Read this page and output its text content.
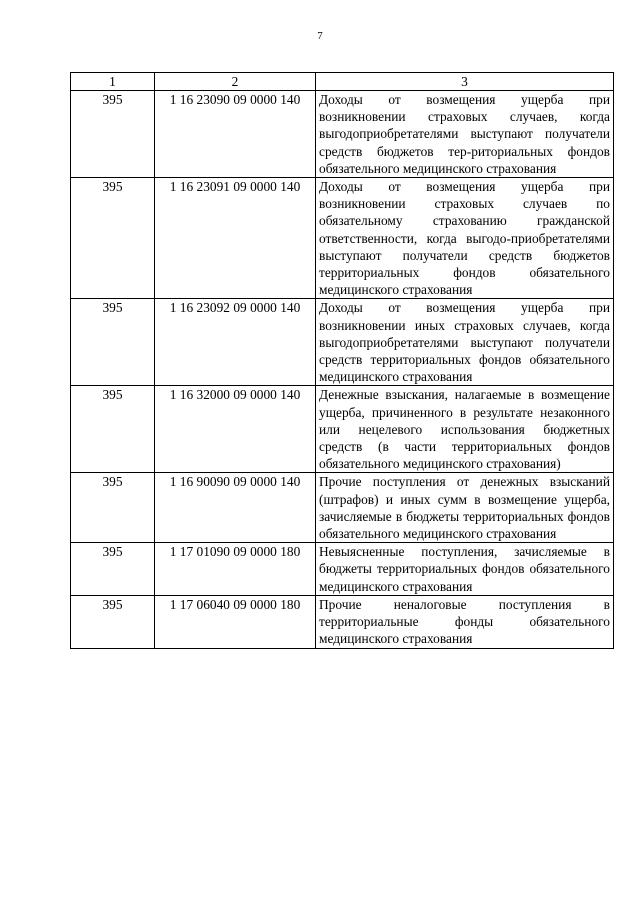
7
1	2	3
395	1 16 23090 09 0000 140	Доходы от возмещения ущерба при возникновении страховых случаев, когда выгодоприобретателями выступают получатели средств бюджетов тер-риториальных фондов обязательного медицинского страхования
395	1 16 23091 09 0000 140	Доходы от возмещения ущерба при возникновении страховых случаев по обязательному страхованию гражданской ответственности, когда выгодо-приобретателями выступают получатели средств бюджетов территориальных фондов обязательного медицинского страхования
395	1 16 23092 09 0000 140	Доходы от возмещения ущерба при возникновении иных страховых случаев, когда выгодоприобретателями выступают получатели средств территориальных фондов обязательного медицинского страхования
395	1 16 32000 09 0000 140	Денежные взыскания, налагаемые в возмещение ущерба, причиненного в результате незаконного или нецелевого использования бюджетных средств (в части территориальных фондов обязательного медицинского страхования)
395	1 16 90090 09 0000 140	Прочие поступления от денежных взысканий (штрафов) и иных сумм в возмещение ущерба, зачисляемые в бюджеты территориальных фондов обязательного медицинского страхования
395	1 17 01090 09 0000 180	Невыясненные поступления, зачисляемые в бюджеты территориальных фондов обязательного медицинского страхования
395	1 17 06040 09 0000 180	Прочие неналоговые поступления в территориальные фонды обязательного медицинского страхования
